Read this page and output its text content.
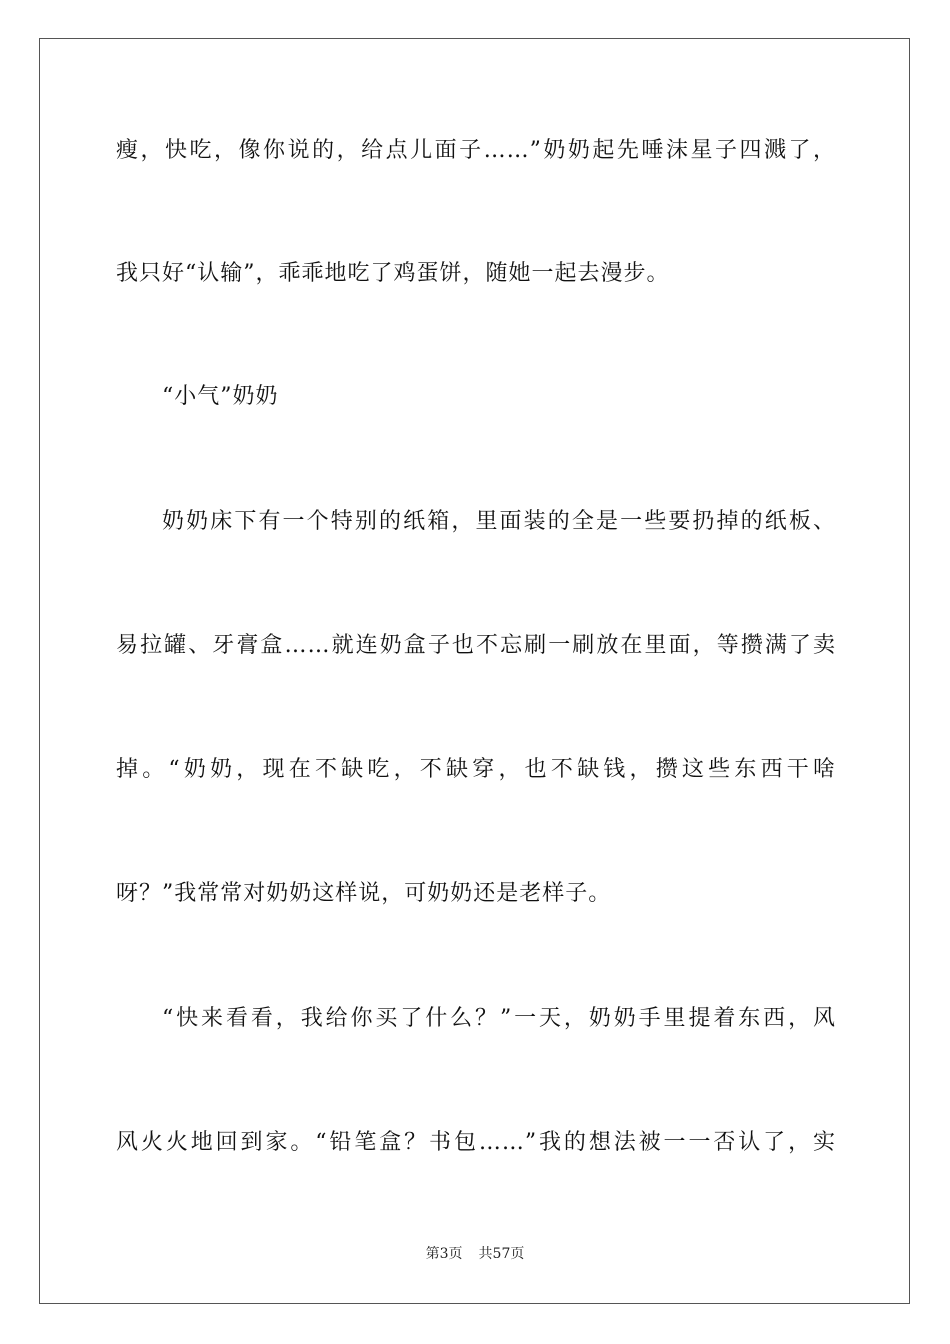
瘦，快吃，像你说的，给点儿面子……”奶奶起先唾沫星子四溅了，
我只好“认输”，乖乖地吃了鸡蛋饼，随她一起去漫步。
“小气”奶奶
奶奶床下有一个特别的纸箱，里面装的全是一些要扔掉的纸板、
易拉罐、牙膏盒……就连奶盒子也不忘刷一刷放在里面，等攒满了卖
掉。“奶奶，现在不缺吃，不缺穿，也不缺钱，攒这些东西干啥
呀？”我常常对奶奶这样说，可奶奶还是老样子。
“快来看看，我给你买了什么？”一天，奶奶手里提着东西，风
风火火地回到家。“铅笔盒？书包……”我的想法被一一否认了，实
第3页 共57页
